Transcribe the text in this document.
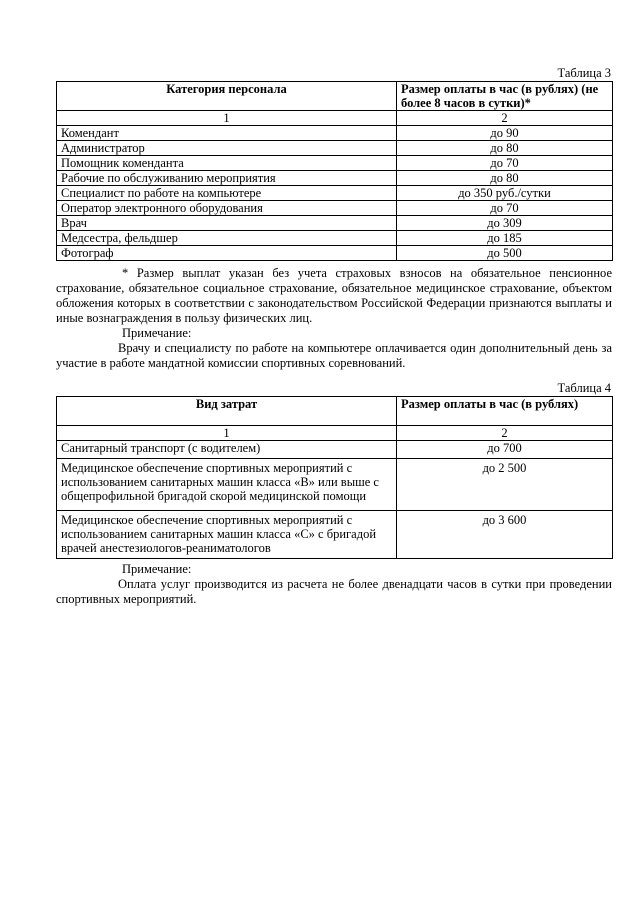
Таблица 3
Категория персонала	Размер оплаты в час (в рублях) (не более 8 часов в сутки)*
1	2
Комендант	до 90
Администратор	до 80
Помощник коменданта	до 70
Рабочие по обслуживанию мероприятия	до 80
Специалист по работе на компьютере	до 350 руб./сутки
Оператор электронного оборудования	до 70
Врач	до 309
Медсестра, фельдшер	до 185
Фотограф	до 500
* Размер выплат указан без учета страховых взносов на обязательное пенсионное страхование, обязательное социальное страхование, обязательное медицинское страхование, объектом обложения которых в соответствии с законодательством Российской Федерации признаются выплаты и иные вознаграждения в пользу физических лиц.
Примечание:
Врачу и специалисту по работе на компьютере оплачивается один дополнительный день за участие в работе мандатной комиссии спортивных соревнований.
Таблица 4
Вид затрат	Размер оплаты в час (в рублях)
1	2
Санитарный транспорт (с водителем)	до 700
Медицинское обеспечение спортивных мероприятий с использованием санитарных машин класса «В» или выше с общепрофильной бригадой скорой медицинской помощи	до 2 500
Медицинское обеспечение спортивных мероприятий с использованием санитарных машин класса «С» с бригадой врачей анестезиологов-реаниматологов	до 3 600
Примечание:
Оплата услуг производится из расчета не более двенадцати часов в сутки при проведении спортивных мероприятий.
